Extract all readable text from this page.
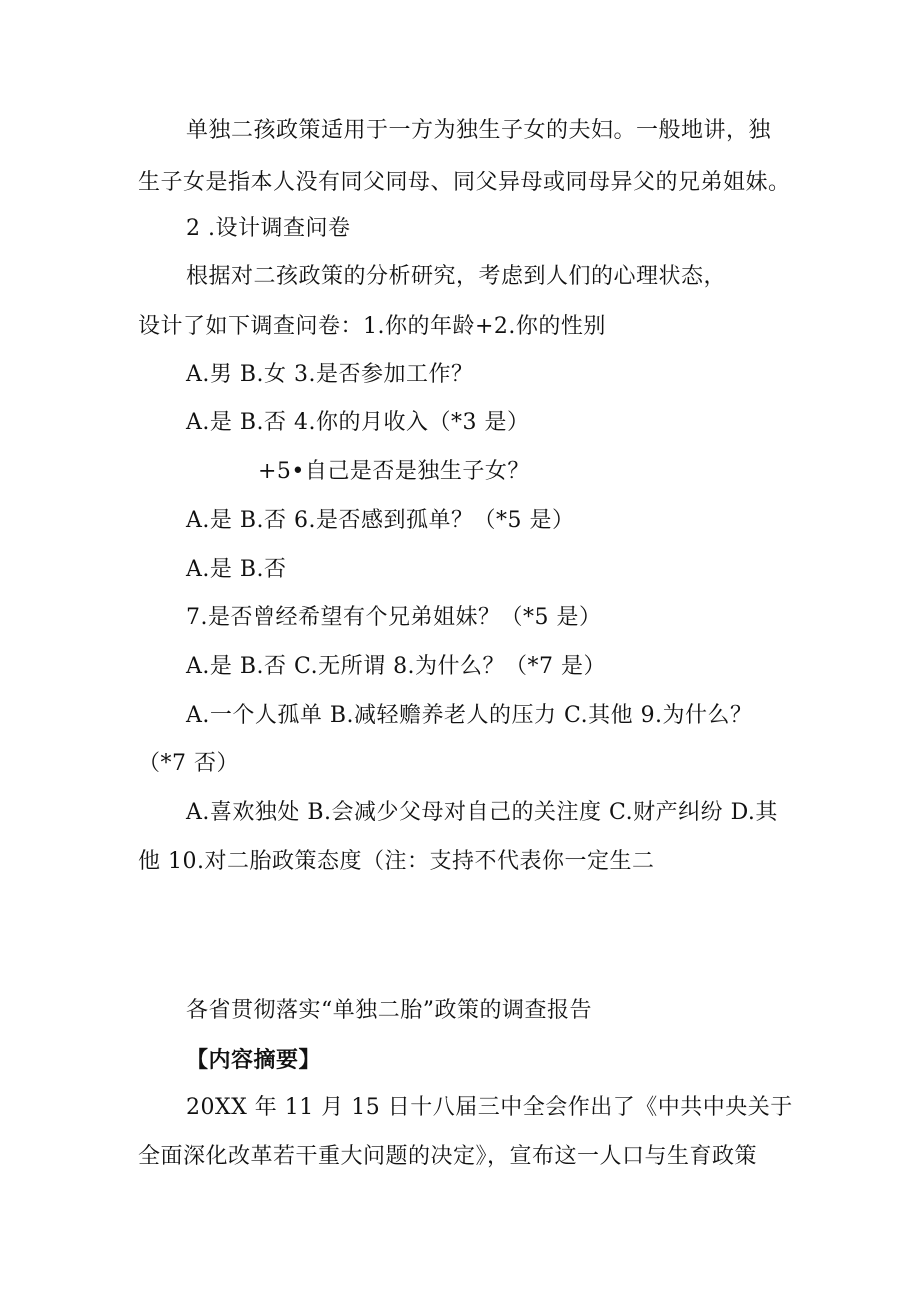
单独二孩政策适用于一方为独生子女的夫妇。一般地讲，独
生子女是指本人没有同父同母、同父异母或同母异父的兄弟姐妹。
2 .设计调查问卷
根据对二孩政策的分析研究，考虑到人们的心理状态，
设计了如下调查问卷：1.你的年龄+2.你的性别
A.男 B.女 3.是否参加工作？
A.是 B.否 4.你的月收入（*3 是）
+5•自己是否是独生子女？
A.是 B.否 6.是否感到孤单？（*5 是）
A.是 B.否
7.是否曾经希望有个兄弟姐妹？（*5 是）
A.是 B.否 C.无所谓 8.为什么？（*7 是）
A.一个人孤单 B.减轻赡养老人的压力 C.其他 9.为什么？
（*7 否）
A.喜欢独处 B.会减少父母对自己的关注度 C.财产纠纷 D.其
他 10.对二胎政策态度（注：支持不代表你一定生二
各省贯彻落实“单独二胎”政策的调查报告
【内容摘要】
20XX 年 11 月 15 日十八届三中全会作出了《中共中央关于
全面深化改革若干重大问题的决定》，宣布这一人口与生育政策
